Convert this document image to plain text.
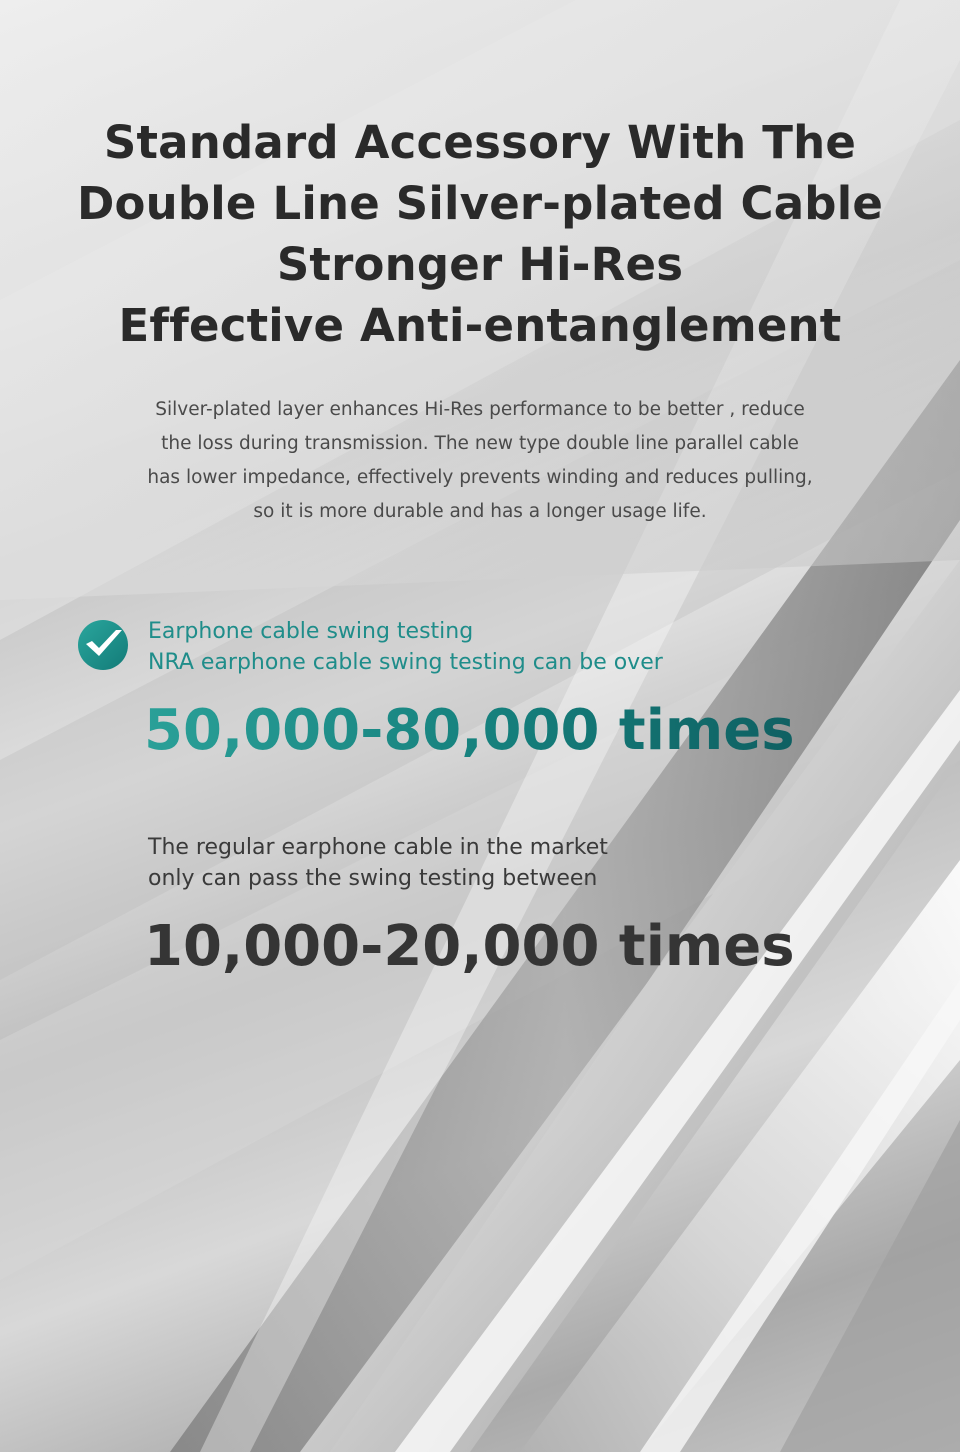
Standard Accessory With The
Double Line Silver-plated Cable
Stronger Hi-Res
Effective Anti-entanglement

Silver-plated layer enhances Hi-Res performance to be better , reduce
the loss during transmission. The new type double line parallel cable
has lower impedance, effectively prevents winding and reduces pulling,
so it is more durable and has a longer usage life.

Earphone cable swing testing
NRA earphone cable swing testing can be over
50,000-80,000 times
The regular earphone cable in the market
only can pass the swing testing between
10,000-20,000 times
